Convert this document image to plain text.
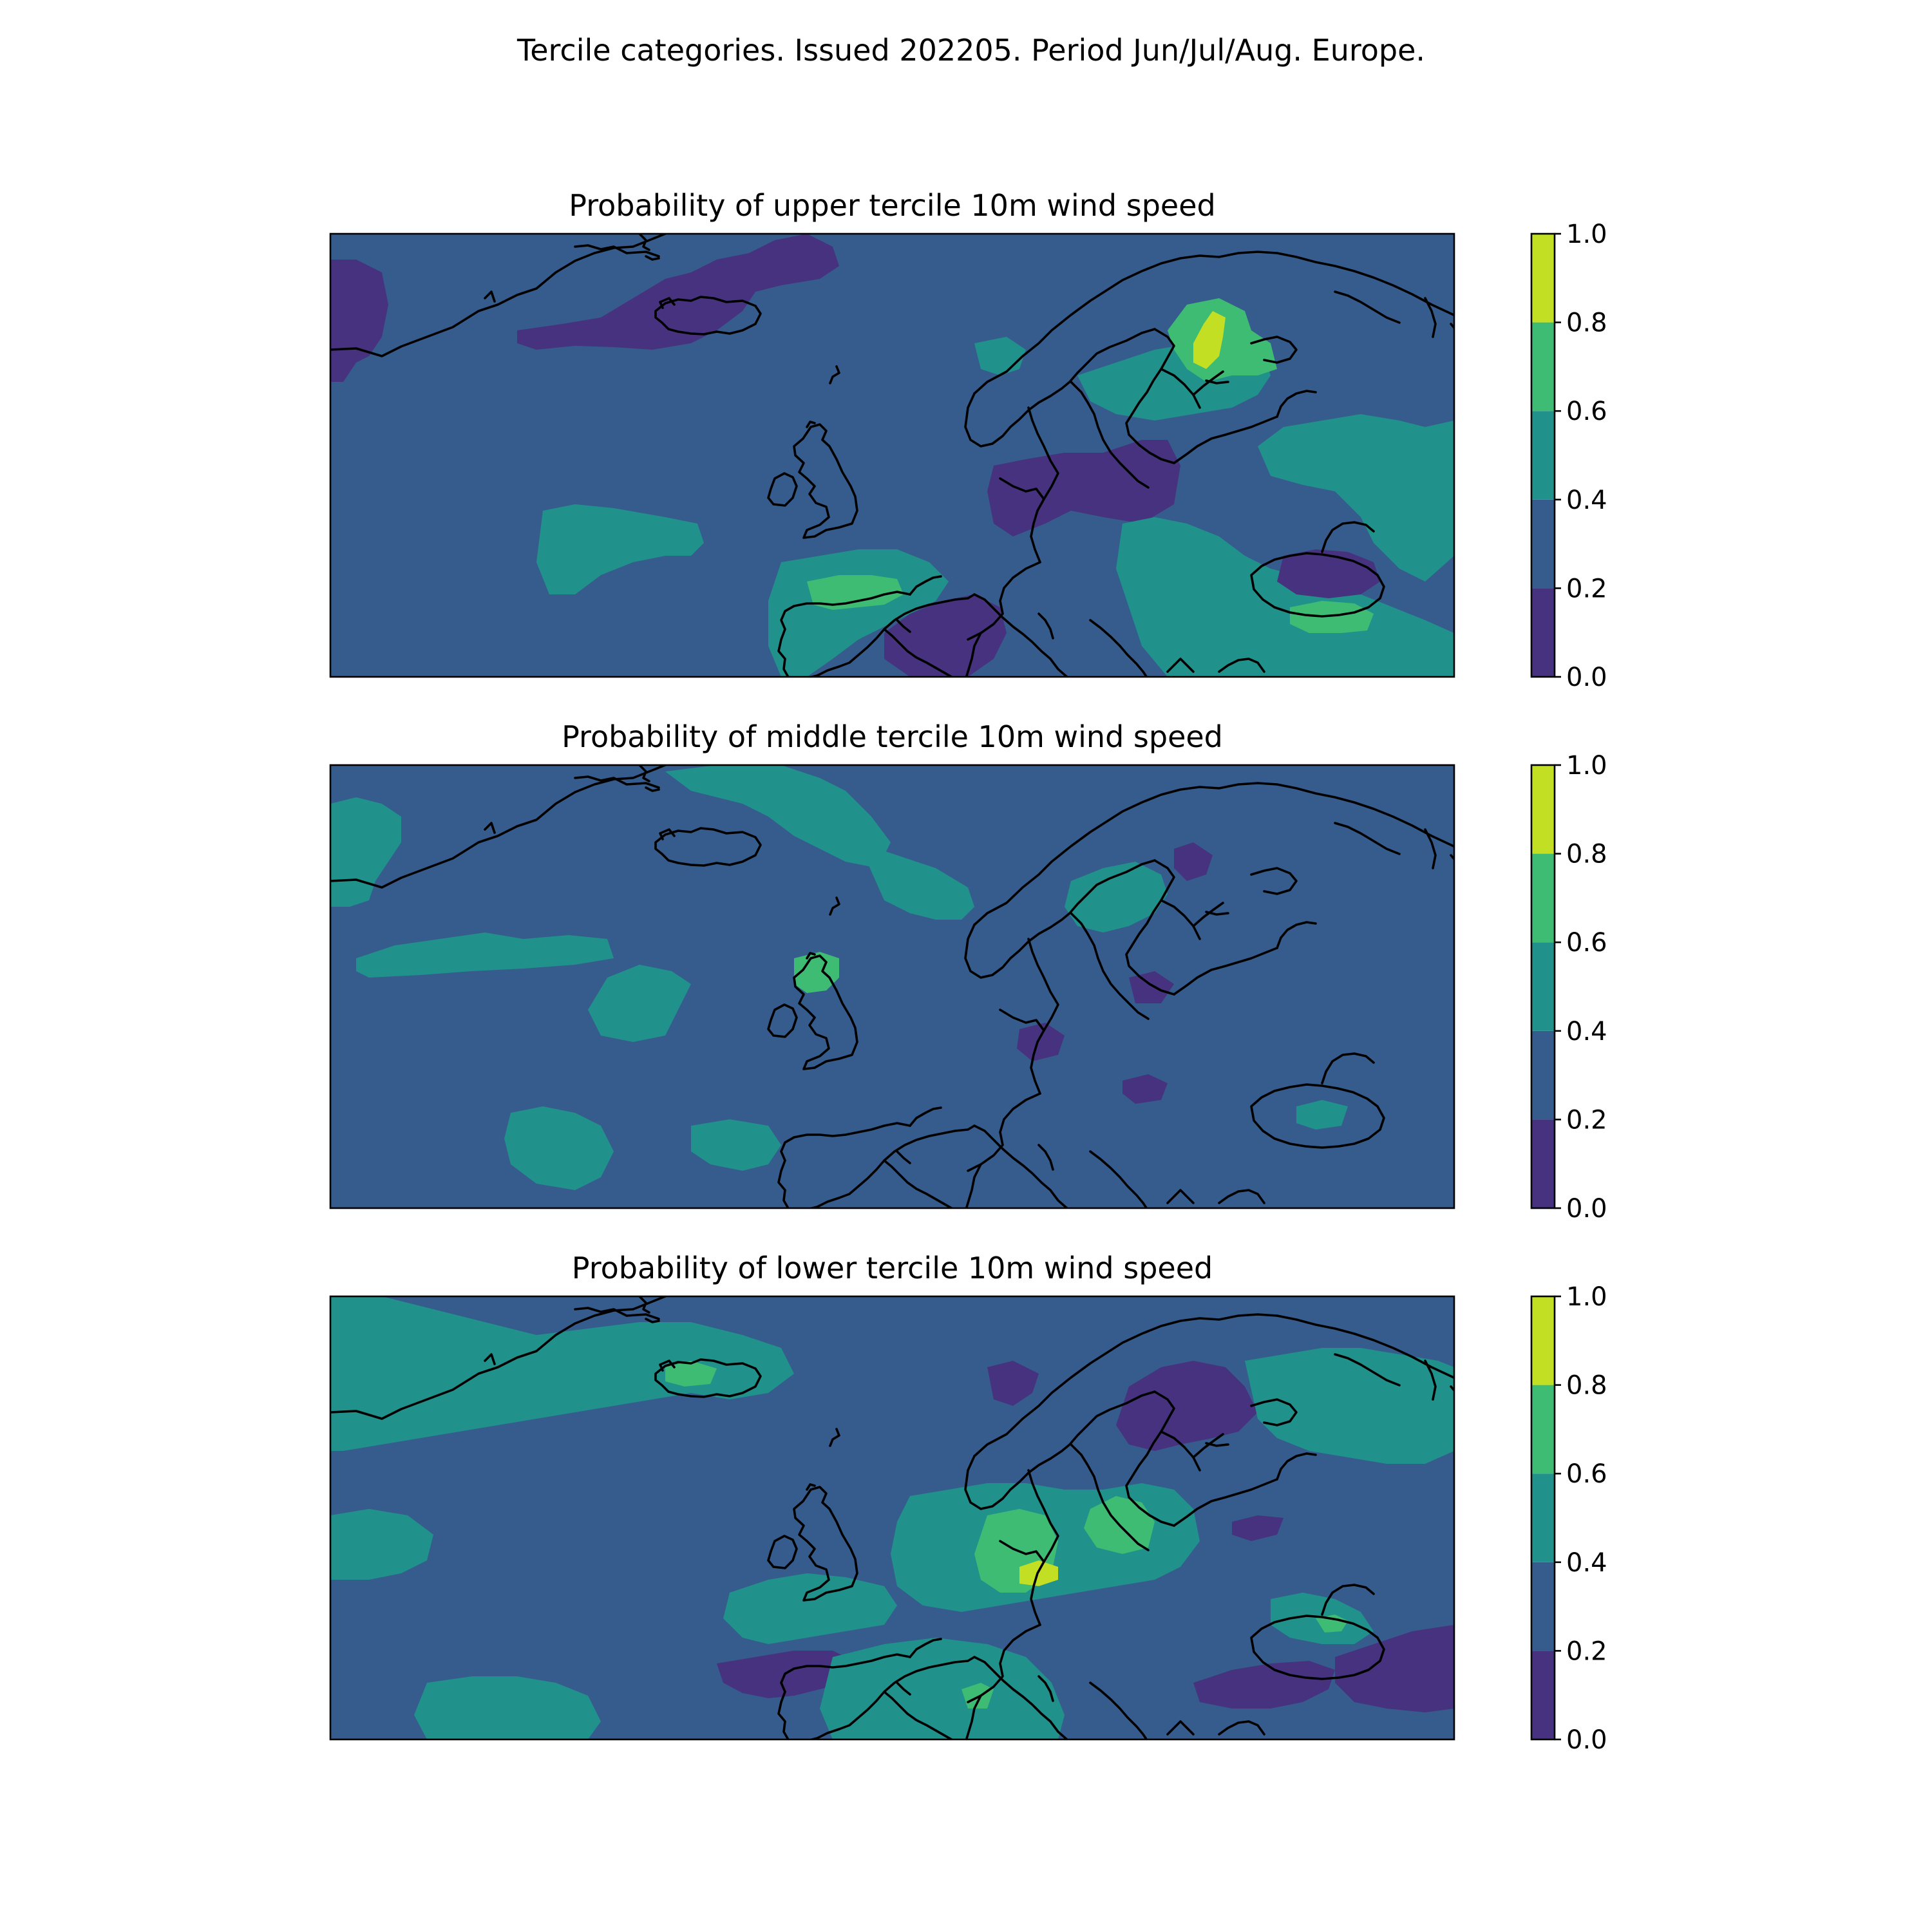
Tercile categories. Issued 202205. Period Jun/Jul/Aug. Europe.
Probability of upper tercile 10m wind speed
0.0
0.2
0.4
0.6
0.8
1.0
Probability of middle tercile 10m wind speed
0.0
0.2
0.4
0.6
0.8
1.0
Probability of lower tercile 10m wind speed
0.0
0.2
0.4
0.6
0.8
1.0
